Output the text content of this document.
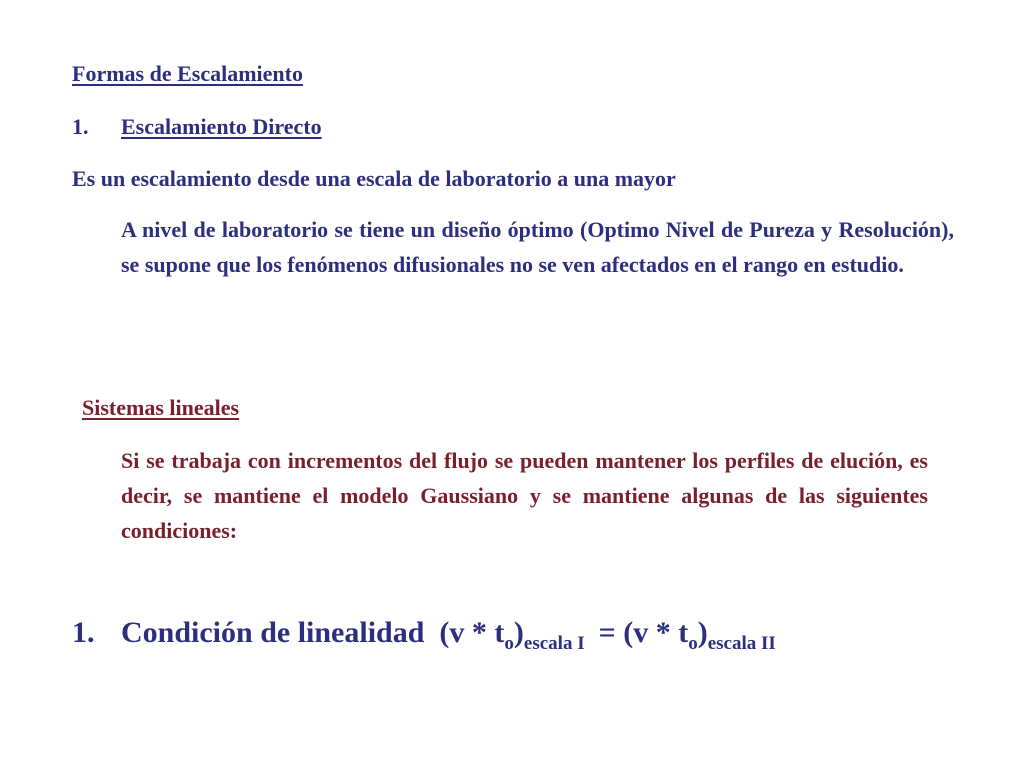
Formas de Escalamiento

1. Escalamiento Directo

Es un escalamiento desde una escala de laboratorio a una mayor

A nivel de laboratorio se tiene un diseño óptimo (Optimo Nivel de Pureza y Resolución), se supone que los fenómenos difusionales no se ven afectados en el rango en estudio.

Sistemas lineales

Si se trabaja con incrementos del flujo se pueden mantener los perfiles de elución, es decir, se mantiene el modelo Gaussiano y se mantiene algunas de las siguientes condiciones:

1. Condición de linealidad $(v * t_o)_{escala I} = (v * t_o)_{escala II}$
